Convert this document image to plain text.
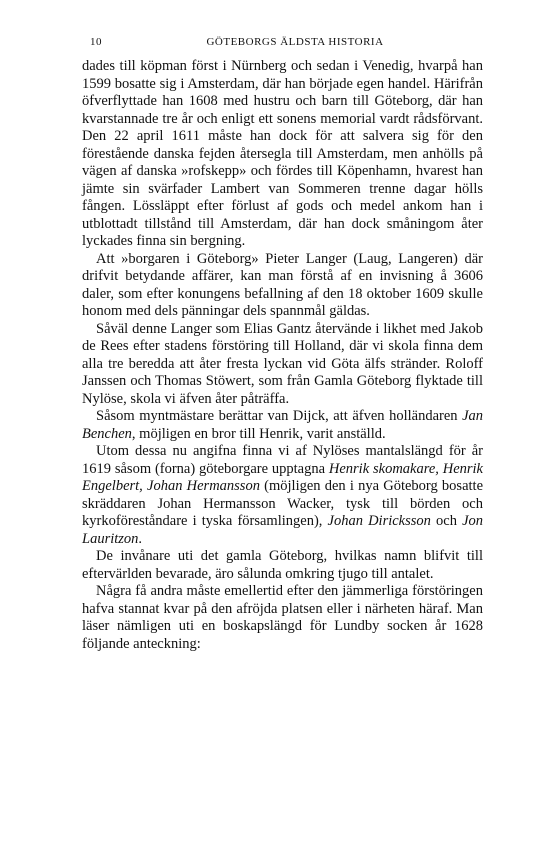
10	GÖTEBORGS ÄLDSTA HISTORIA

dades till köpman först i Nürnberg och sedan i Venedig, hvarpå han 1599 bosatte sig i Amsterdam, där han började egen handel. Härifrån öfverflyttade han 1608 med hustru och barn till Göteborg, där han kvarstannade tre år och enligt ett sonens memorial vardt rådsförvant. Den 22 april 1611 måste han dock för att salvera sig för den förestående danska fejden återsegla till Amsterdam, men anhölls på vägen af danska »rofskepp» och fördes till Köpenhamn, hvarest han jämte sin svärfader Lambert van Sommeren trenne dagar hölls fången. Lössläppt efter förlust af gods och medel ankom han i utblottadt tillstånd till Amsterdam, där han dock småningom åter lyckades finna sin bergning.

Att »borgaren i Göteborg» Pieter Langer (Laug, Langeren) där drifvit betydande affärer, kan man förstå af en invisning å 3606 daler, som efter konungens befallning af den 18 oktober 1609 skulle honom med dels pänningar dels spannmål gäldas.

Såväl denne Langer som Elias Gantz återvände i likhet med Jakob de Rees efter stadens förstöring till Holland, där vi skola finna dem alla tre beredda att åter fresta lyckan vid Göta älfs stränder. Roloff Janssen och Thomas Stöwert, som från Gamla Göteborg flyktade till Nylöse, skola vi äfven åter påträffa.

Såsom myntmästare berättar van Dijck, att äfven holländaren Jan Benchen, möjligen en bror till Henrik, varit anställd.

Utom dessa nu angifna finna vi af Nylöses mantalslängd för år 1619 såsom (forna) göteborgare upptagna Henrik skomakare, Henrik Engelbert, Johan Hermansson (möjligen den i nya Göteborg bosatte skräddaren Johan Hermansson Wacker, tysk till börden och kyrkoföreståndare i tyska församlingen), Johan Diricksson och Jon Lauritzon.

De invånare uti det gamla Göteborg, hvilkas namn blifvit till eftervärlden bevarade, äro sålunda omkring tjugo till antalet.

Några få andra måste emellertid efter den jämmerliga förstöringen hafva stannat kvar på den afröjda platsen eller i närheten häraf. Man läser nämligen uti en boskapslängd för Lundby socken år 1628 följande anteckning:
